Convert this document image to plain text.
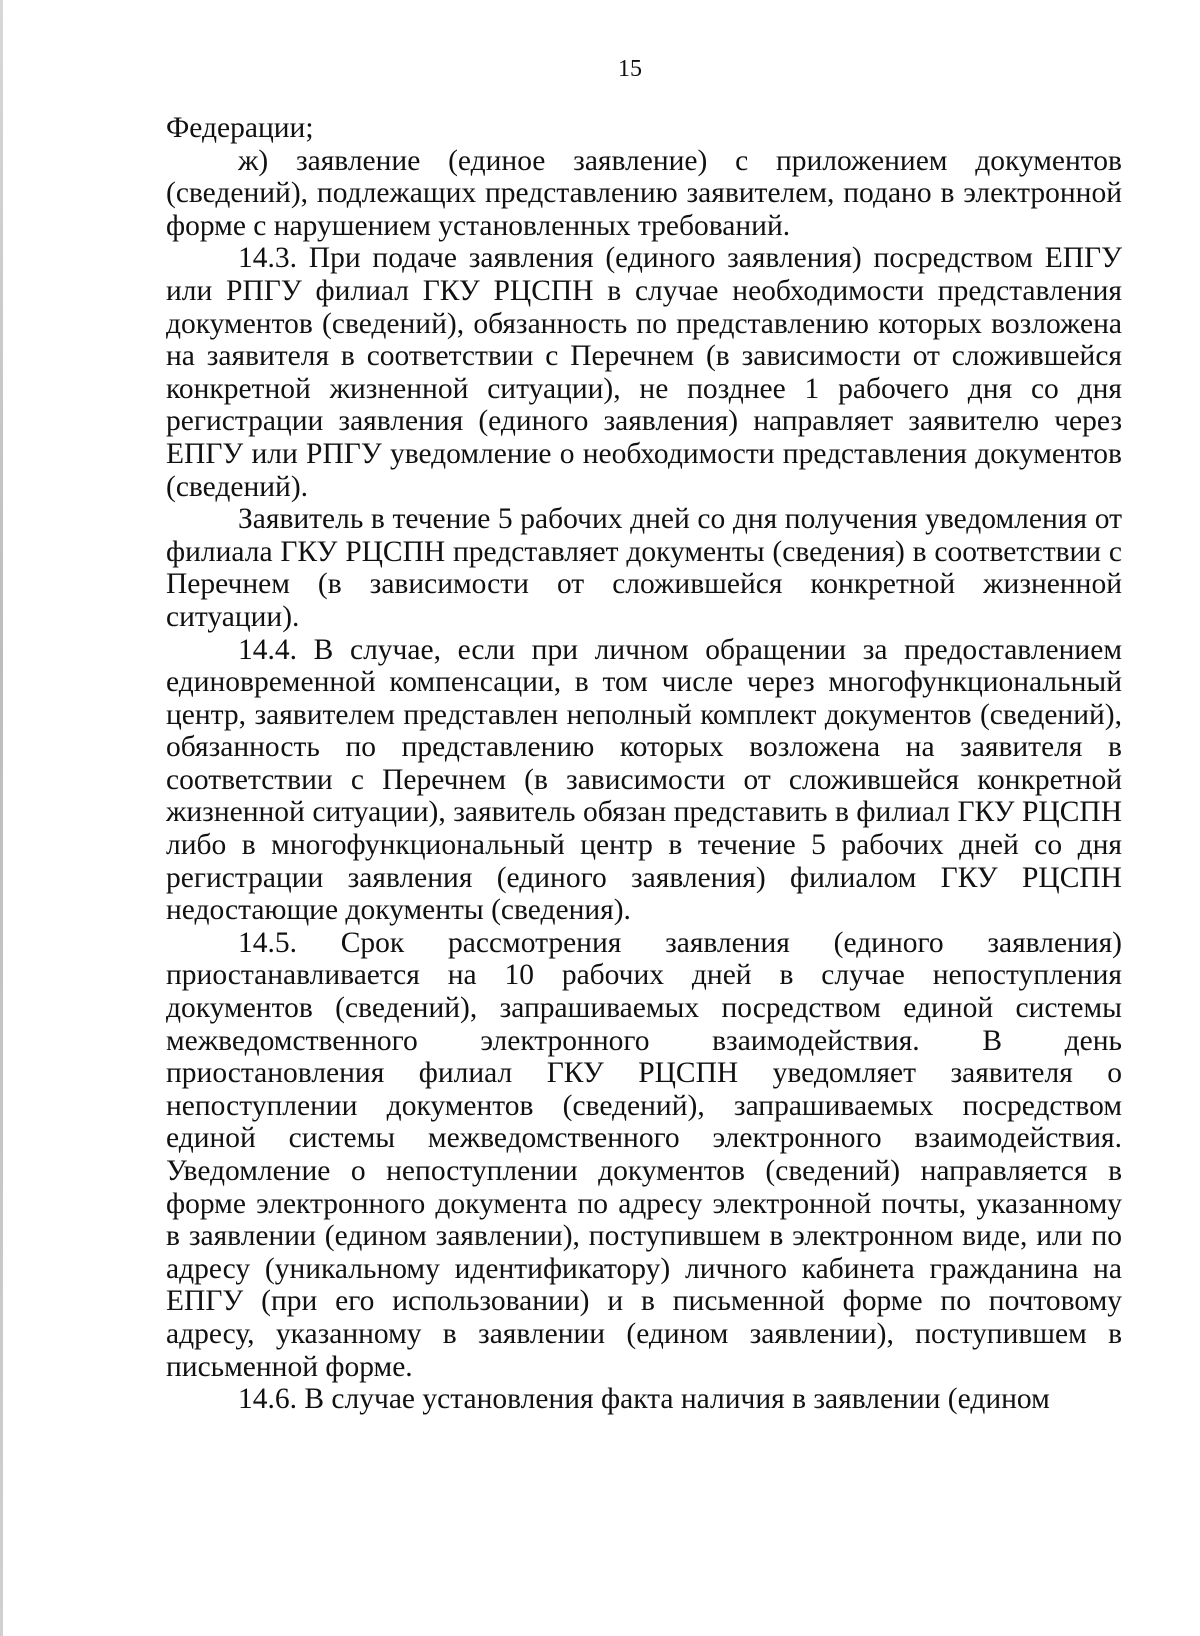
15

Федерации;

ж) заявление (единое заявление) с приложением документов (сведений), подлежащих представлению заявителем, подано в электронной форме с нарушением установленных требований.

14.3. При подаче заявления (единого заявления) посредством ЕПГУ или РПГУ филиал ГКУ РЦСПН в случае необходимости представления документов (сведений), обязанность по представлению которых возложена на заявителя в соответствии с Перечнем (в зависимости от сложившейся конкретной жизненной ситуации), не позднее 1 рабочего дня со дня регистрации заявления (единого заявления) направляет заявителю через ЕПГУ или РПГУ уведомление о необходимости представления документов (сведений).

Заявитель в течение 5 рабочих дней со дня получения уведомления от филиала ГКУ РЦСПН представляет документы (сведения) в соответствии с Перечнем (в зависимости от сложившейся конкретной жизненной ситуации).

14.4. В случае, если при личном обращении за предоставлением единовременной компенсации, в том числе через многофункциональный центр, заявителем представлен неполный комплект документов (сведений), обязанность по представлению которых возложена на заявителя в соответствии с Перечнем (в зависимости от сложившейся конкретной жизненной ситуации), заявитель обязан представить в филиал ГКУ РЦСПН либо в многофункциональный центр в течение 5 рабочих дней со дня регистрации заявления (единого заявления) филиалом ГКУ РЦСПН недостающие документы (сведения).

14.5. Срок рассмотрения заявления (единого заявления) приостанавливается на 10 рабочих дней в случае непоступления документов (сведений), запрашиваемых посредством единой системы межведомственного электронного взаимодействия. В день приостановления филиал ГКУ РЦСПН уведомляет заявителя о непоступлении документов (сведений), запрашиваемых посредством единой системы межведомственного электронного взаимодействия. Уведомление о непоступлении документов (сведений) направляется в форме электронного документа по адресу электронной почты, указанному в заявлении (едином заявлении), поступившем в электронном виде, или по адресу (уникальному идентификатору) личного кабинета гражданина на ЕПГУ (при его использовании) и в письменной форме по почтовому адресу, указанному в заявлении (едином заявлении), поступившем в письменной форме.

14.6. В случае установления факта наличия в заявлении (едином
